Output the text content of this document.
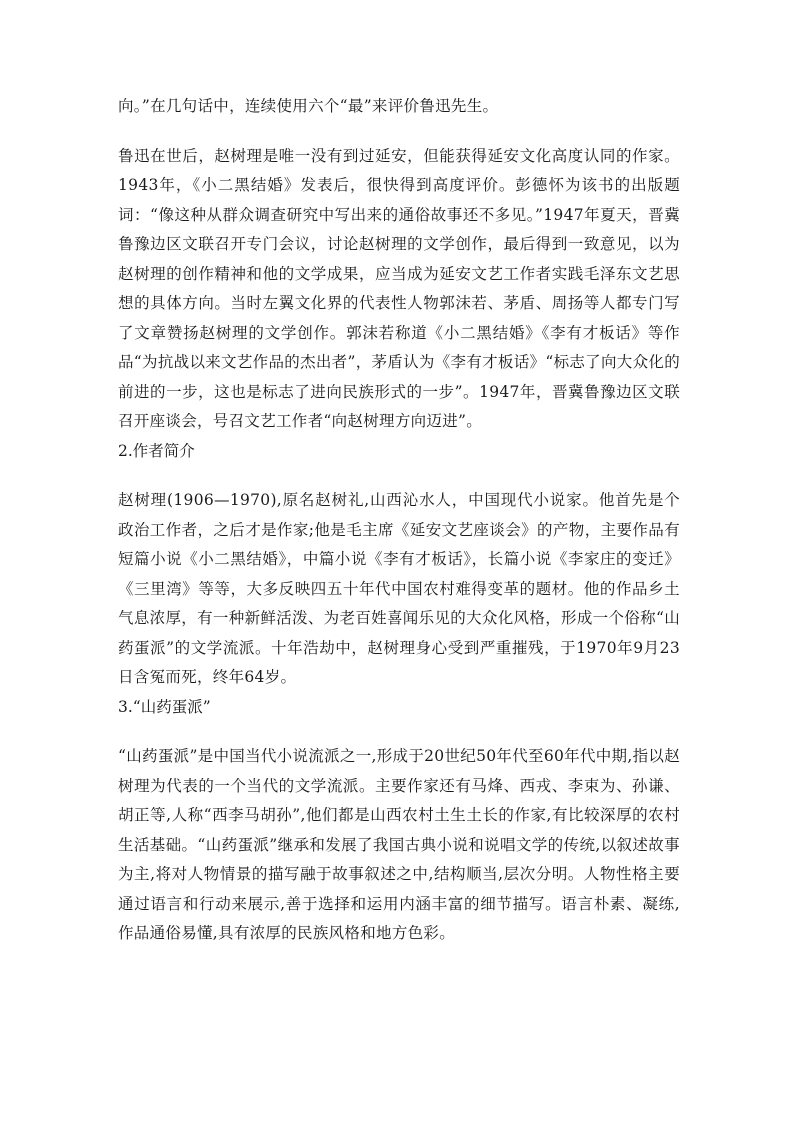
向。”在几句话中，连续使用六个“最”来评价鲁迅先生。

鲁迅在世后，赵树理是唯一没有到过延安，但能获得延安文化高度认同的作家。1943年，《小二黑结婚》发表后，很快得到高度评价。彭德怀为该书的出版题词：“像这种从群众调查研究中写出来的通俗故事还不多见。”1947年夏天，晋冀鲁豫边区文联召开专门会议，讨论赵树理的文学创作，最后得到一致意见，以为赵树理的创作精神和他的文学成果，应当成为延安文艺工作者实践毛泽东文艺思想的具体方向。当时左翼文化界的代表性人物郭沫若、茅盾、周扬等人都专门写了文章赞扬赵树理的文学创作。郭沫若称道《小二黑结婚》《李有才板话》等作品“为抗战以来文艺作品的杰出者”，茅盾认为《李有才板话》“标志了向大众化的前进的一步，这也是标志了进向民族形式的一步”。1947年，晋冀鲁豫边区文联召开座谈会，号召文艺工作者“向赵树理方向迈进”。

2.作者简介

赵树理(1906—1970),原名赵树礼,山西沁水人，中国现代小说家。他首先是个政治工作者，之后才是作家;他是毛主席《延安文艺座谈会》的产物，主要作品有短篇小说《小二黑结婚》，中篇小说《李有才板话》，长篇小说《李家庄的变迁》《三里湾》等等，大多反映四五十年代中国农村难得变革的题材。他的作品乡土气息浓厚，有一种新鲜活泼、为老百姓喜闻乐见的大众化风格，形成一个俗称“山药蛋派”的文学流派。十年浩劫中，赵树理身心受到严重摧残，于1970年9月23日含冤而死，终年64岁。

3.“山药蛋派”

“山药蛋派”是中国当代小说流派之一,形成于20世纪50年代至60年代中期,指以赵树理为代表的一个当代的文学流派。主要作家还有马烽、西戎、李束为、孙谦、胡正等,人称“西李马胡孙”,他们都是山西农村土生土长的作家,有比较深厚的农村生活基础。“山药蛋派”继承和发展了我国古典小说和说唱文学的传统,以叙述故事为主,将对人物情景的描写融于故事叙述之中,结构顺当,层次分明。人物性格主要通过语言和行动来展示,善于选择和运用内涵丰富的细节描写。语言朴素、凝练,作品通俗易懂,具有浓厚的民族风格和地方色彩。
